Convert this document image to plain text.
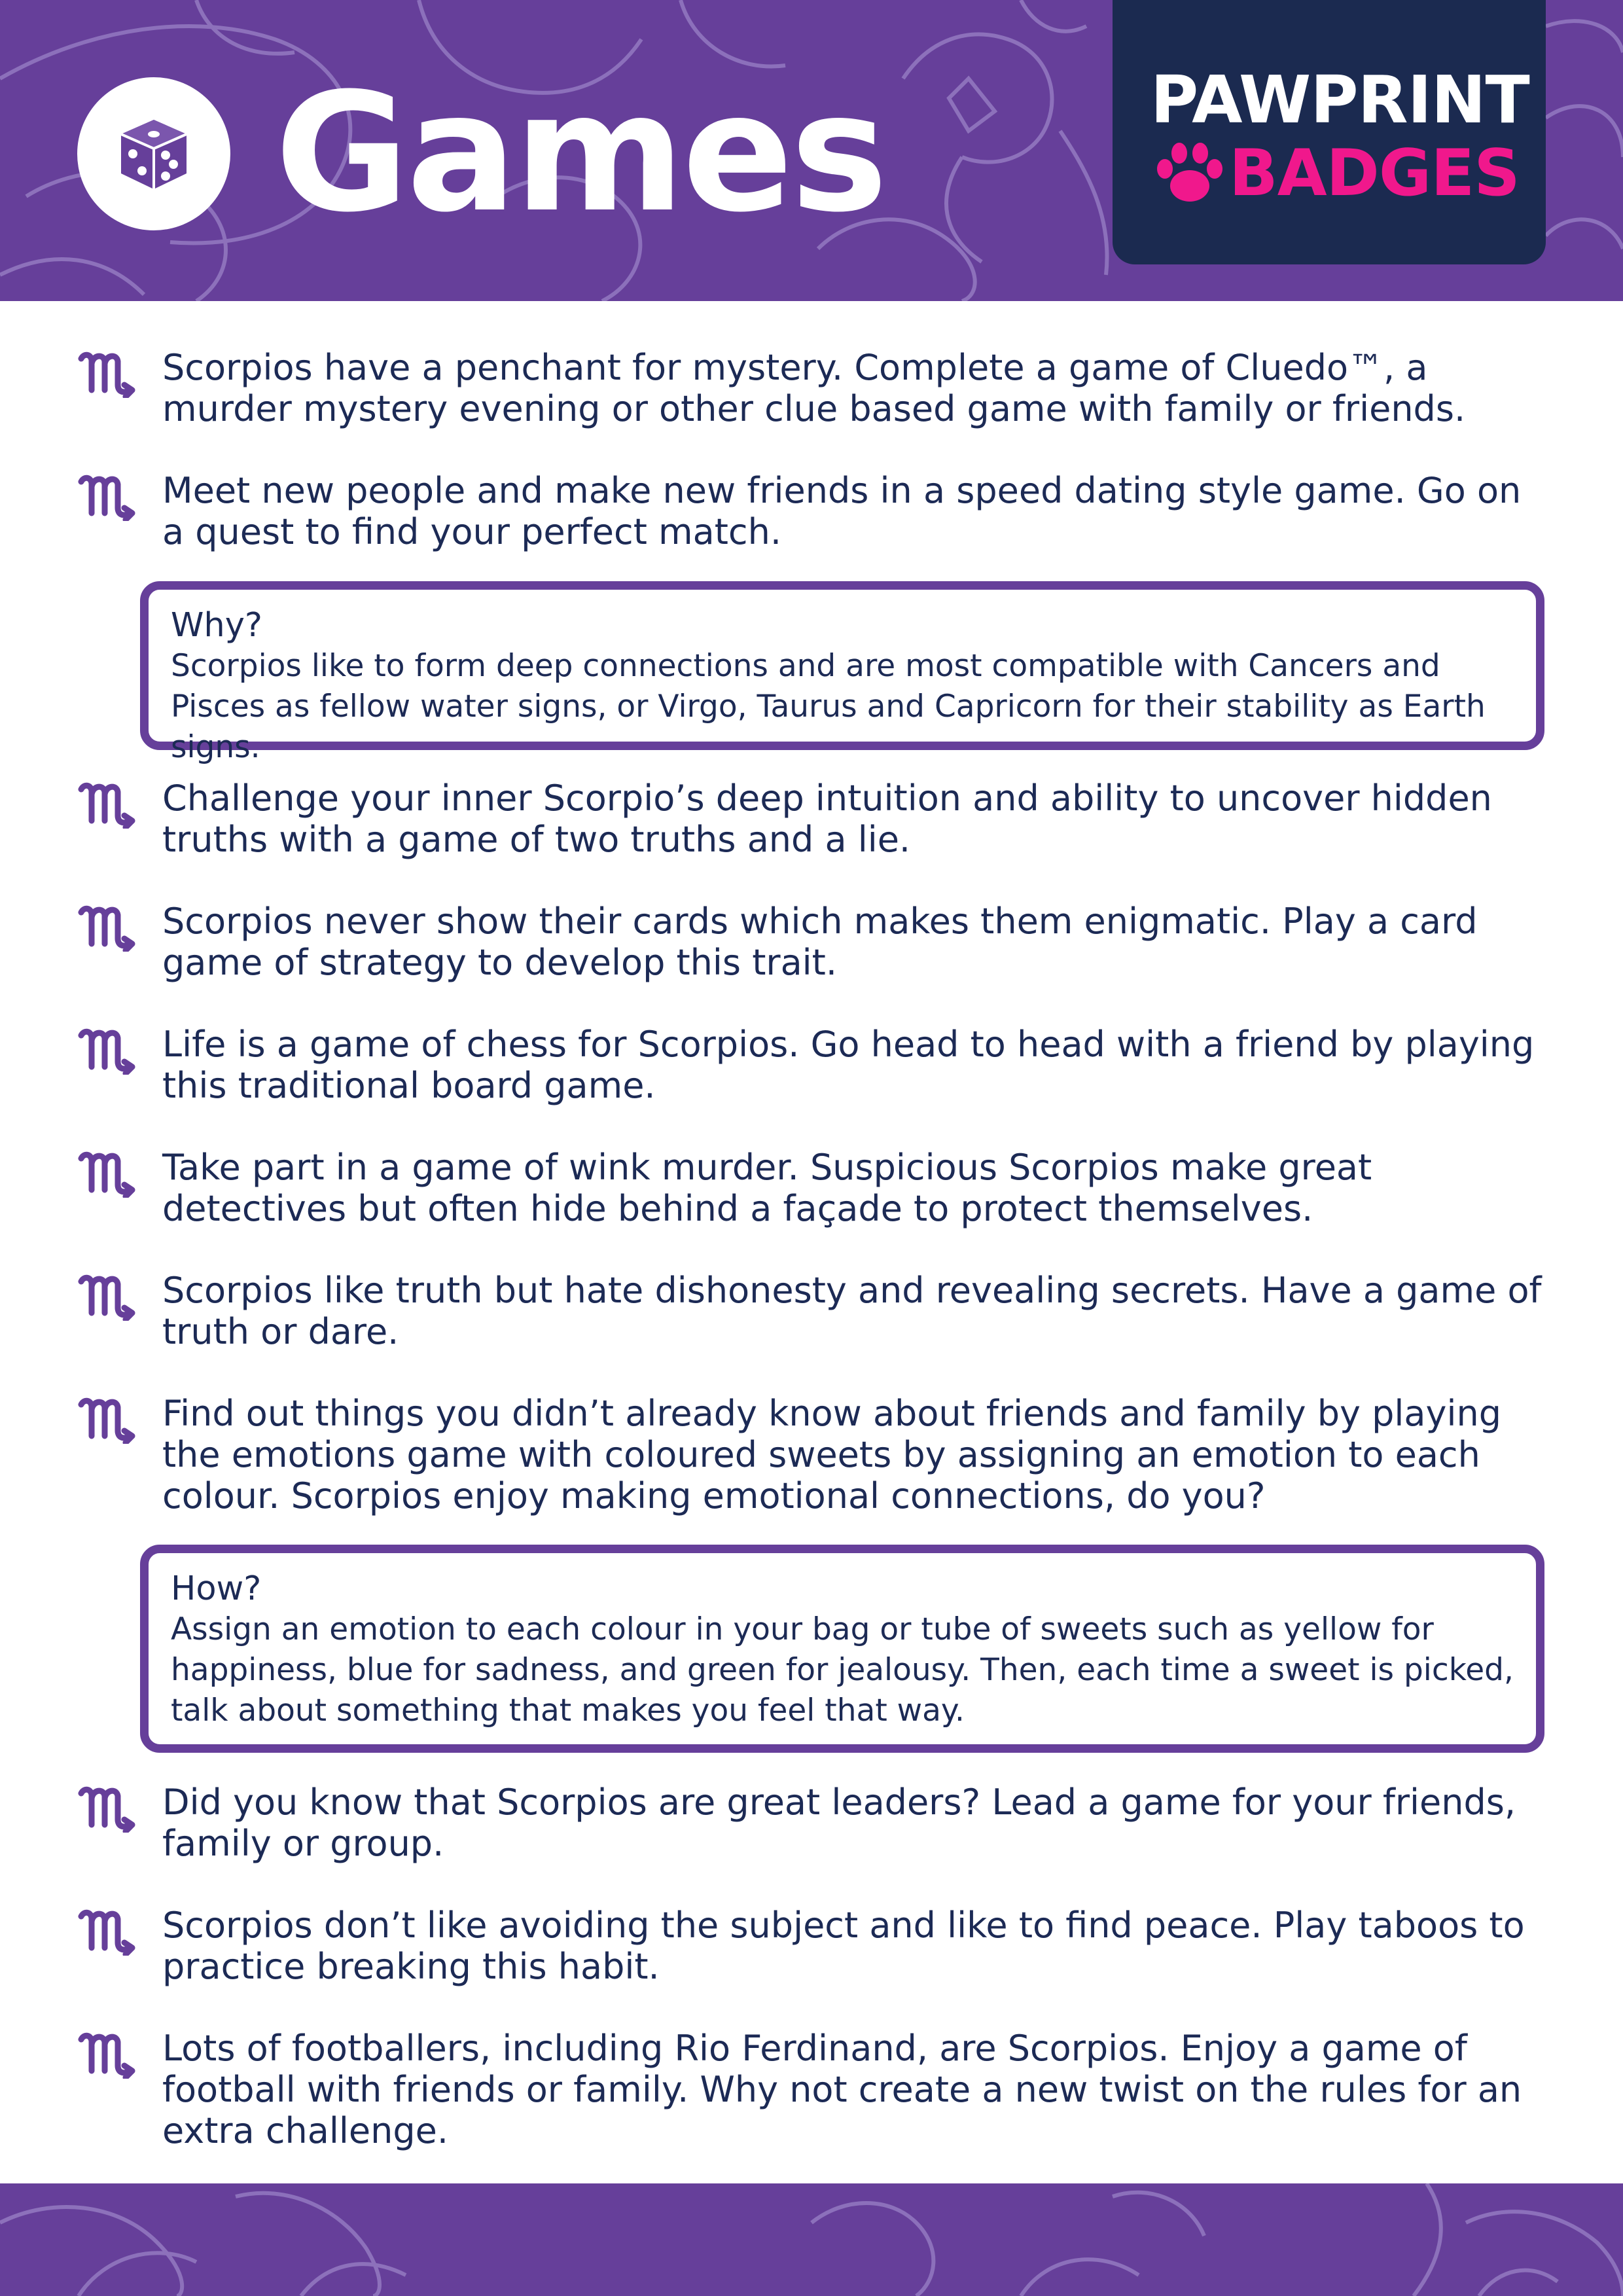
Games	PAWPRINT
BADGES
Scorpios have a penchant for mystery. Complete a game of Cluedo™, a murder mystery evening or other clue based game with family or friends.
Meet new people and make new friends in a speed dating style game. Go on a quest to find your perfect match.
Why?
Scorpios like to form deep connections and are most compatible with Cancers and Pisces as fellow water signs, or Virgo, Taurus and Capricorn for their stability as Earth signs.
Challenge your inner Scorpio’s deep intuition and ability to uncover hidden truths with a game of two truths and a lie.
Scorpios never show their cards which makes them enigmatic. Play a card game of strategy to develop this trait.
Life is a game of chess for Scorpios. Go head to head with a friend by playing this traditional board game.
Take part in a game of wink murder. Suspicious Scorpios make great detectives but often hide behind a façade to protect themselves.
Scorpios like truth but hate dishonesty and revealing secrets. Have a game of truth or dare.
Find out things you didn’t already know about friends and family by playing the emotions game with coloured sweets by assigning an emotion to each colour. Scorpios enjoy making emotional connections, do you?
How?
Assign an emotion to each colour in your bag or tube of sweets such as yellow for happiness, blue for sadness, and green for jealousy. Then, each time a sweet is picked, talk about something that makes you feel that way.
Did you know that Scorpios are great leaders? Lead a game for your friends, family or group.
Scorpios don’t like avoiding the subject and like to find peace. Play taboos to practice breaking this habit.
Lots of footballers, including Rio Ferdinand, are Scorpios. Enjoy a game of football with friends or family. Why not create a new twist on the rules for an extra challenge.
